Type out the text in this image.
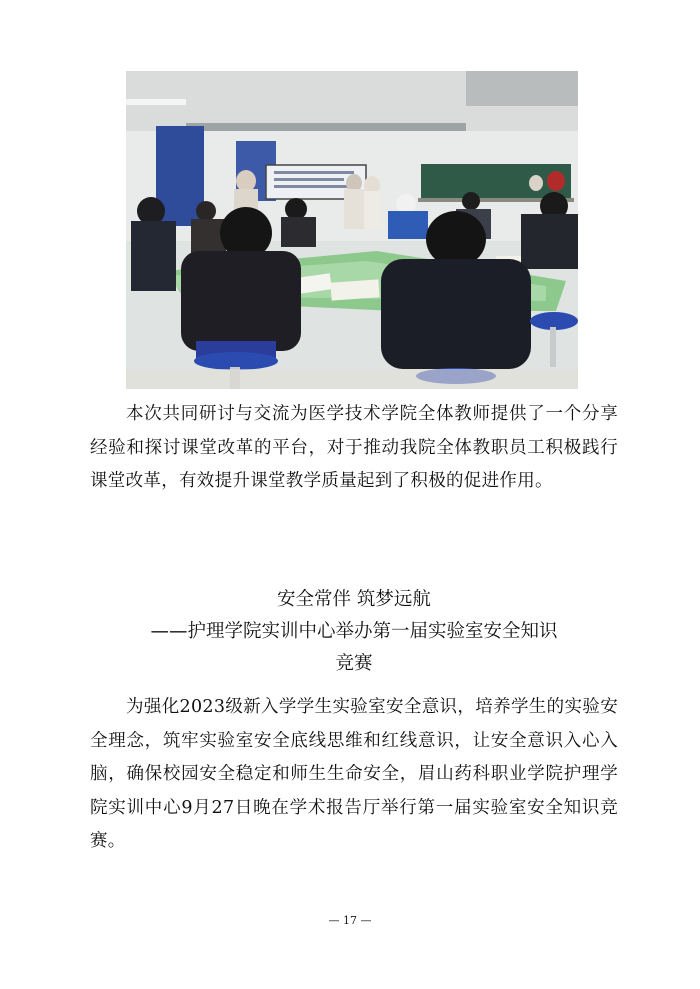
本次共同研讨与交流为医学技术学院全体教师提供了一个分享经验和探讨课堂改革的平台，对于推动我院全体教职员工积极践行课堂改革，有效提升课堂教学质量起到了积极的促进作用。

安全常伴 筑梦远航
——护理学院实训中心举办第一届实验室安全知识
竞赛

为强化2023级新入学学生实验室安全意识，培养学生的实验安全理念，筑牢实验室安全底线思维和红线意识，让安全意识入心入脑，确保校园安全稳定和师生生命安全，眉山药科职业学院护理学院实训中心9月27日晚在学术报告厅举行第一届实验室安全知识竞赛。

— 17 —
